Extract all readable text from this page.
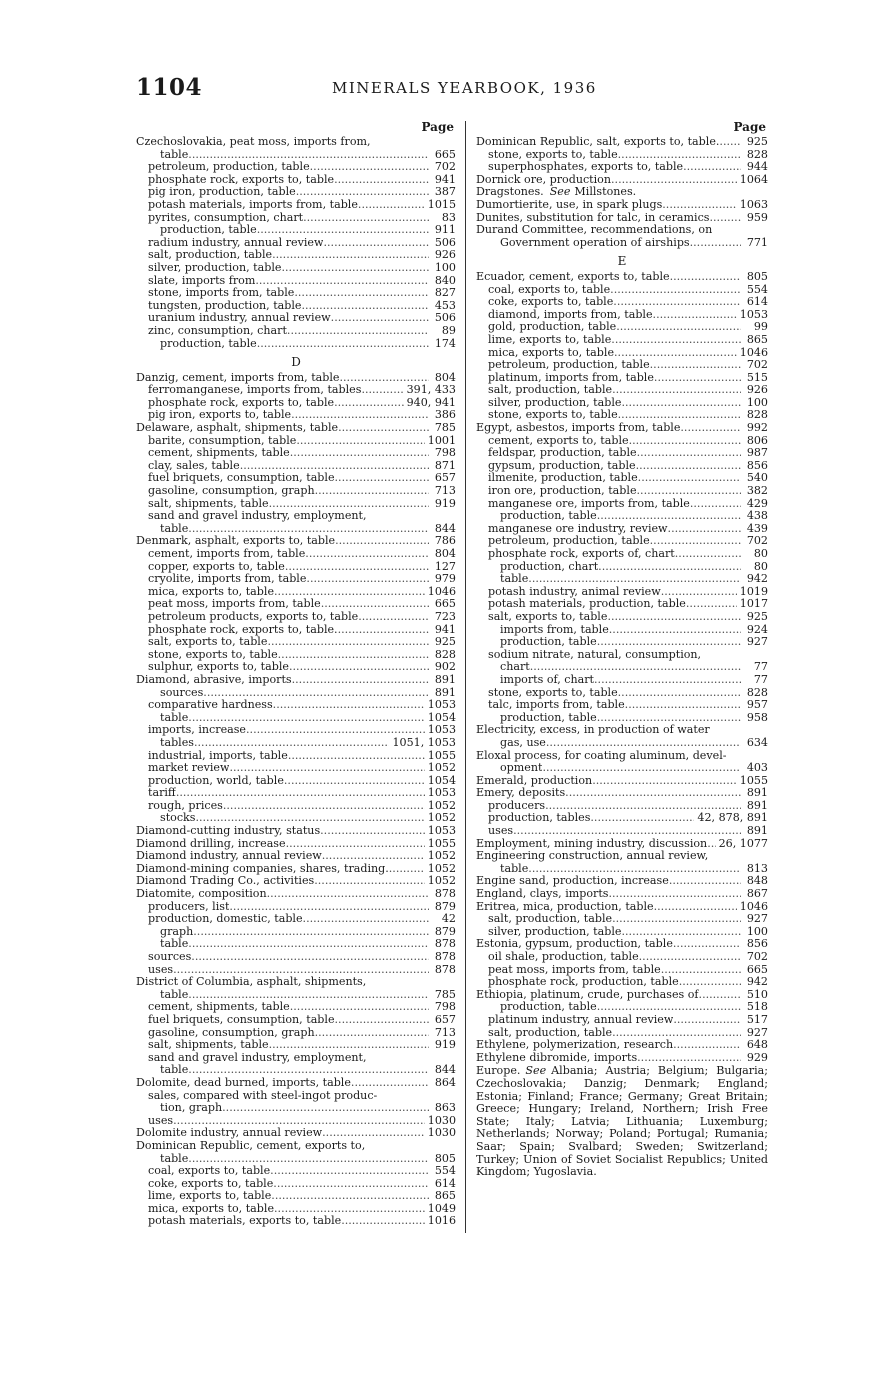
1104	MINERALS YEARBOOK, 1936
Page
Czechoslovakia, peat moss, imports from,
table .....	665
petroleum, production, table .....	702
phosphate rock, exports to, table .....	941
pig iron, production, table .....	387
potash materials, imports from, table .....	1015
pyrites, consumption, chart .....	83
production, table .....	911
radium industry, annual review .....	506
salt, production, table .....	926
silver, production, table .....	100
slate, imports from .....	840
stone, imports from, table .....	827
tungsten, production, table .....	453
uranium industry, annual review .....	506
zinc, consumption, chart .....	89
production, table .....	174
D
Danzig, cement, imports from, table .....	804
ferromanganese, imports from, tables .....	391, 433
phosphate rock, exports to, table .....	940, 941
pig iron, exports to, table .....	386
Delaware, asphalt, shipments, table .....	785
barite, consumption, table .....	1001
cement, shipments, table .....	798
clay, sales, table .....	871
fuel briquets, consumption, table .....	657
gasoline, consumption, graph .....	713
salt, shipments, table .....	919
sand and gravel industry, employment,
table .....	844
Denmark, asphalt, exports to, table .....	786
cement, imports from, table .....	804
copper, exports to, table .....	127
cryolite, imports from, table .....	979
mica, exports to, table .....	1046
peat moss, imports from, table .....	665
petroleum products, exports to, table .....	723
phosphate rock, exports to, table. .....	941
salt, exports to, table .....	925
stone, exports to, table .....	828
sulphur, exports to, table .....	902
Diamond, abrasive, imports .....	891
sources .....	891
comparative hardness .....	1053
table .....	1054
imports, increase .....	1053
tables .....	1051, 1053
industrial, imports, table .....	1055
market review .....	1052
production, world, table .....	1054
tariff .....	1053
rough, prices .....	1052
stocks .....	1052
Diamond-cutting industry, status .....	1053
Diamond drilling, increase .....	1055
Diamond industry, annual review .....	1052
Diamond-mining companies, shares, trading. .....	1052
Diamond Trading Co., activities .....	1052
Diatomite, composition .....	878
producers, list .....	879
production, domestic, table .....	42
graph .....	879
table .....	878
sources .....	878
uses .....	878
District of Columbia, asphalt, shipments,
table .....	785
cement, shipments, table .....	798
fuel briquets, consumption, table .....	657
gasoline, consumption, graph .....	713
salt, shipments, table .....	919
sand and gravel industry, employment,
table .....	844
Dolomite, dead burned, imports, table .....	864
sales, compared with steel-ingot produc-
tion, graph .....	863
uses .....	1030
Dolomite industry, annual review .....	1030
Dominican Republic, cement, exports to,
table .....	805
coal, exports to, table .....	554
coke, exports to, table .....	614
lime, exports to, table .....	865
mica, exports to, table .....	1049
potash materials, exports to, table .....	1016
Page
Dominican Republic, salt, exports to, table. .....	925
stone, exports to, table .....	828
superphosphates, exports to, table .....	944
Dornick ore, production .....	1064
Dragstones. See Millstones.
Dumortierite, use, in spark plugs .....	1063
Dunites, substitution for talc, in ceramics .....	959
Durand Committee, recommendations, on
Government operation of airships .....	771
E
Ecuador, cement, exports to, table .....	805
coal, exports to, table .....	554
coke, exports to, table .....	614
diamond, imports from, table .....	1053
gold, production, table .....	99
lime, exports to, table .....	865
mica, exports to, table .....	1046
petroleum, production, table .....	702
platinum, imports from, table .....	515
salt, production, table .....	926
silver, production, table .....	100
stone, exports to, table .....	828
Egypt, asbestos, imports from, table .....	992
cement, exports to, table .....	806
feldspar, production, table .....	987
gypsum, production, table .....	856
ilmenite, production, table .....	540
iron ore, production, table .....	382
manganese ore, imports from, table .....	429
production, table .....	438
manganese ore industry, review .....	439
petroleum, production, table .....	702
phosphate rock, exports of, chart .....	80
production, chart .....	80
table .....	942
potash industry, animal review .....	1019
potash materials, production, table .....	1017
salt, exports to, table .....	925
imports from, table .....	924
production, table .....	927
sodium nitrate, natural, consumption,
chart .....	77
imports of, chart .....	77
stone, exports to, table .....	828
talc, imports from, table .....	957
production, table .....	958
Electricity, excess, in production of water
gas, use .....	634
Eloxal process, for coating aluminum, devel-
opment .....	403
Emerald, production .....	1055
Emery, deposits .....	891
producers .....	891
production, tables .....	42, 878, 891
uses .....	891
Employment, mining industry, discussion ..... 26, 1077
Engineering construction, annual review,
table .....	813
Engine sand, production, increase .....	848
England, clays, imports .....	867
Eritrea, mica, production, table .....	1046
salt, production, table .....	927
silver, production, table .....	100
Estonia, gypsum, production, table .....	856
oil shale, production, table .....	702
peat moss, imports from, table .....	665
phosphate rock, production, table .....	942
Ethiopia, platinum, crude, purchases of .....	510
production, table .....	518
platinum industry, annual review .....	517
salt, production, table .....	927
Ethylene, polymerization, research .....	648
Ethylene dibromide, imports .....	929
Europe. See Albania; Austria; Belgium; Bulgaria; Czechoslovakia; Danzig; Denmark; England; Estonia; Finland; France; Germany; Great Britain; Greece; Hungary; Ireland, Northern; Irish Free State; Italy; Latvia; Lithuania; Luxemburg; Netherlands; Norway; Poland; Portugal; Rumania; Saar; Spain; Svalbard; Sweden; Switzerland; Turkey; Union of Soviet Socialist Republics; United Kingdom; Yugoslavia.
